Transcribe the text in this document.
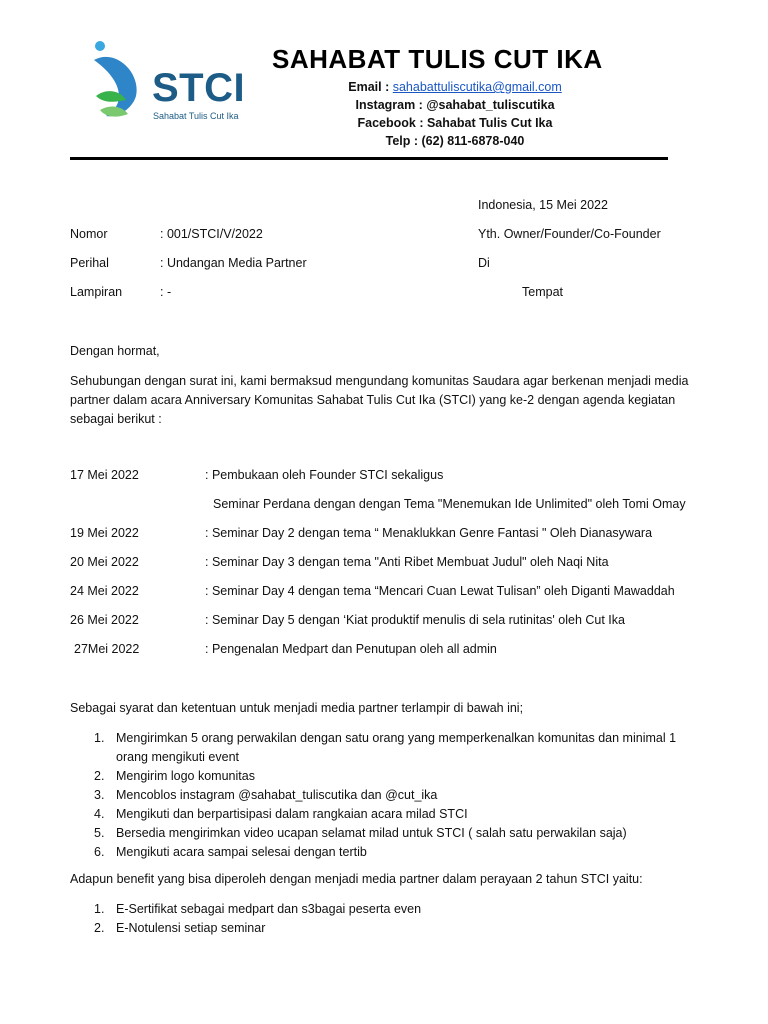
STCI
Sahabat Tulis Cut Ika
SAHABAT TULIS CUT IKA
Email : sahabattuliscutika@gmail.com
Instagram : @sahabat_tuliscutika
Facebook : Sahabat Tulis Cut Ika
Telp : (62) 811-6878-040
Indonesia, 15 Mei 2022
Nomor	: 001/STCI/V/2022	Yth. Owner/Founder/Co-Founder
Perihal	: Undangan Media Partner	Di
Lampiran	: -	Tempat
Dengan hormat,
Sehubungan dengan surat ini, kami bermaksud mengundang komunitas Saudara agar berkenan menjadi media partner dalam acara Anniversary Komunitas Sahabat Tulis Cut Ika (STCI) yang ke-2 dengan agenda kegiatan sebagai berikut :
17 Mei 2022	: Pembukaan oleh Founder STCI sekaligus
Seminar Perdana dengan dengan Tema "Menemukan Ide Unlimited" oleh Tomi Omay
19 Mei 2022	: Seminar Day 2 dengan tema “ Menaklukkan Genre Fantasi " Oleh Dianasywara
20 Mei 2022	: Seminar Day 3 dengan tema "Anti Ribet Membuat Judul" oleh Naqi Nita
24 Mei 2022	: Seminar Day 4 dengan tema “Mencari Cuan Lewat Tulisan” oleh Diganti Mawaddah
26 Mei 2022	: Seminar Day 5 dengan ‘Kiat produktif menulis di sela rutinitas' oleh Cut Ika
27Mei 2022	: Pengenalan Medpart dan Penutupan oleh all admin
Sebagai syarat dan ketentuan untuk menjadi media partner terlampir di bawah ini;
1. Mengirimkan 5 orang perwakilan dengan satu orang yang memperkenalkan komunitas dan minimal 1 orang mengikuti event
2. Mengirim logo komunitas
3. Mencoblos instagram @sahabat_tuliscutika dan @cut_ika
4. Mengikuti dan berpartisipasi dalam rangkaian acara milad STCI
5. Bersedia mengirimkan video ucapan selamat milad untuk STCI ( salah satu perwakilan saja)
6. Mengikuti acara sampai selesai dengan tertib
Adapun benefit yang bisa diperoleh dengan menjadi media partner dalam perayaan 2 tahun STCI yaitu:
1. E-Sertifikat sebagai medpart dan s3bagai peserta even
2. E-Notulensi setiap seminar
